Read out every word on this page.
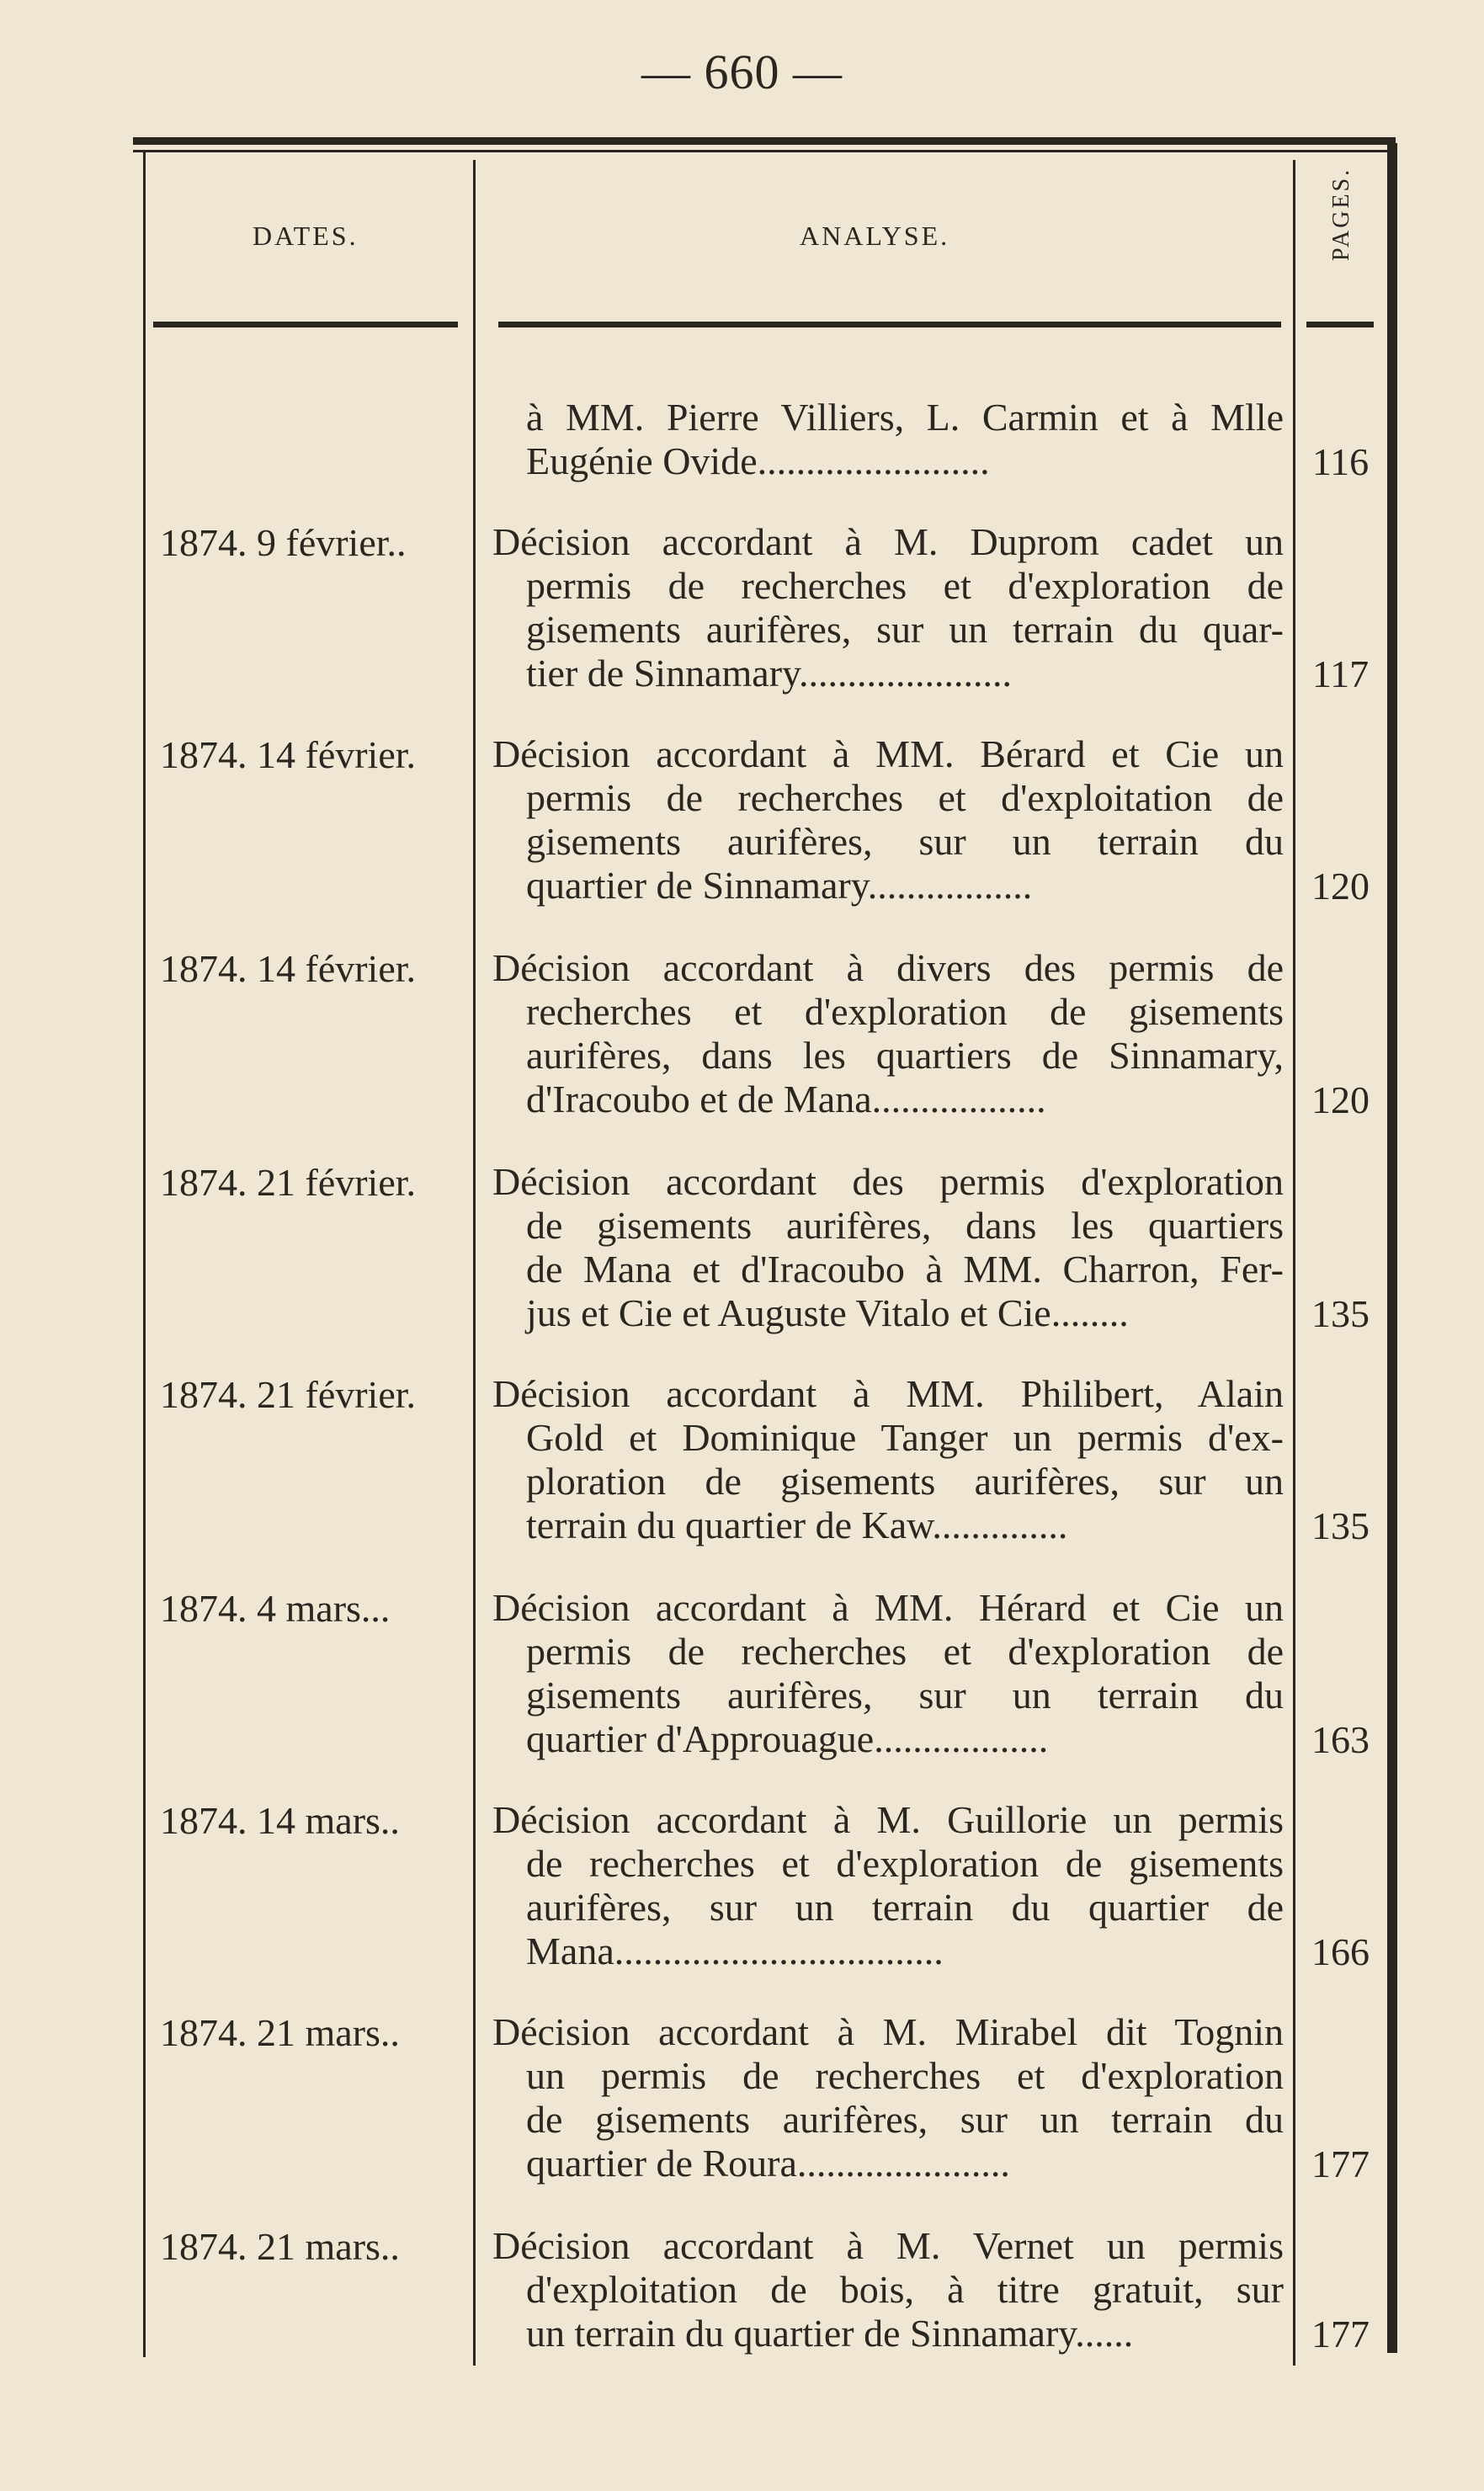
— 660 —
DATES.	ANALYSE.	PAGES.
à MM. Pierre Villiers, L. Carmin et à Mlle
Eugénie Ovide........................	116
1874. 9 février..	Décision accordant à M. Duprom cadet un
permis de recherches et d'exploration de
gisements aurifères, sur un terrain du quar-
tier de Sinnamary......................	117
1874. 14 février.	Décision accordant à MM. Bérard et Cie un
permis de recherches et d'exploitation de
gisements aurifères, sur un terrain du
quartier de Sinnamary.................	120
1874. 14 février.	Décision accordant à divers des permis de
recherches et d'exploration de gisements
aurifères, dans les quartiers de Sinnamary,
d'Iracoubo et de Mana..................	120
1874. 21 février.	Décision accordant des permis d'exploration
de gisements aurifères, dans les quartiers
de Mana et d'Iracoubo à MM. Charron, Fer-
jus et Cie et Auguste Vitalo et Cie........	135
1874. 21 février.	Décision accordant à MM. Philibert, Alain
Gold et Dominique Tanger un permis d'ex-
ploration de gisements aurifères, sur un
terrain du quartier de Kaw..............	135
1874. 4 mars...	Décision accordant à MM. Hérard et Cie un
permis de recherches et d'exploration de
gisements aurifères, sur un terrain du
quartier d'Approuague..................	163
1874. 14 mars..	Décision accordant à M. Guillorie un permis
de recherches et d'exploration de gisements
aurifères, sur un terrain du quartier de
Mana..................................	166
1874. 21 mars..	Décision accordant à M. Mirabel dit Tognin
un permis de recherches et d'exploration
de gisements aurifères, sur un terrain du
quartier de Roura......................	177
1874. 21 mars..	Décision accordant à M. Vernet un permis
d'exploitation de bois, à titre gratuit, sur
un terrain du quartier de Sinnamary......	177
